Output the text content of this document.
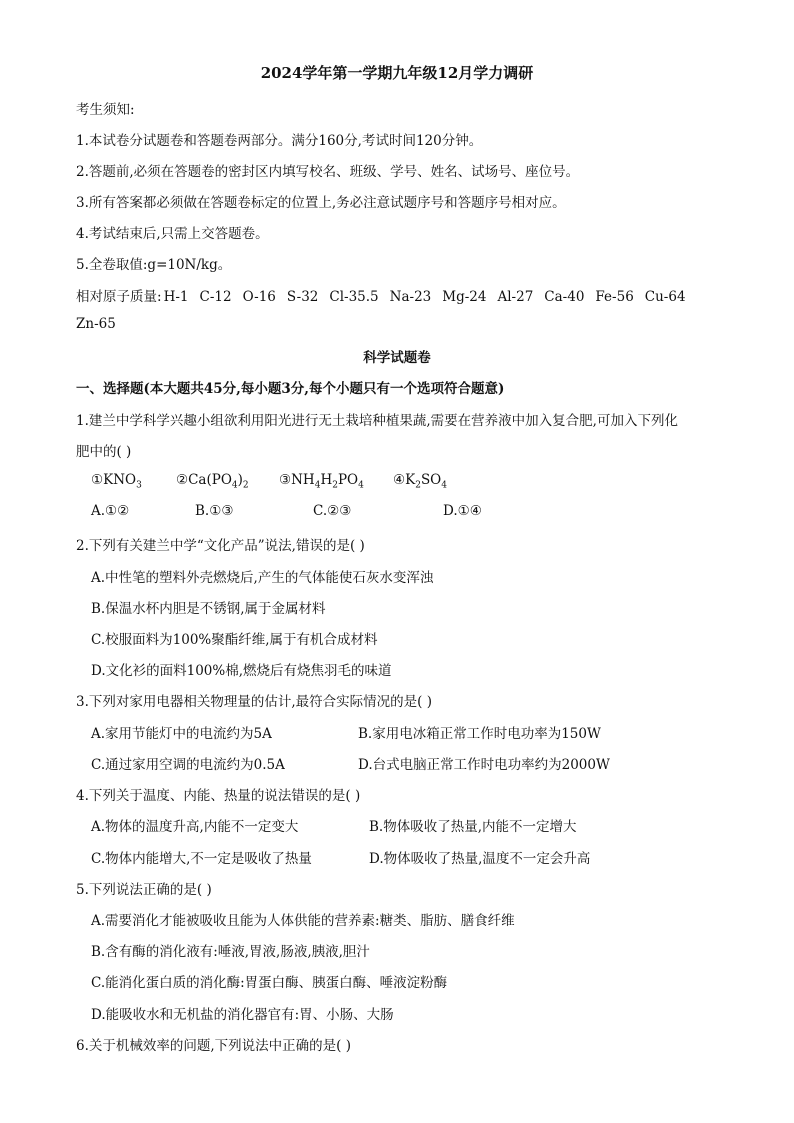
2024学年第一学期九年级12月学力调研
考生须知:
1.本试卷分试题卷和答题卷两部分。满分160分,考试时间120分钟。
2.答题前,必须在答题卷的密封区内填写校名、班级、学号、姓名、试场号、座位号。
3.所有答案都必须做在答题卷标定的位置上,务必注意试题序号和答题序号相对应。
4.考试结束后,只需上交答题卷。
5.全卷取值:g=10N/kg。
相对原子质量: H-1 C-12 O-16 S-32 Cl-35.5 Na-23 Mg-24 Al-27 Ca-40 Fe-56 Cu-64
Zn-65
科学试题卷
一、选择题(本大题共45分,每小题3分,每个小题只有一个选项符合题意)
1.建兰中学科学兴趣小组欲利用阳光进行无土栽培种植果蔬,需要在营养液中加入复合肥,可加入下列化
肥中的( )
$①KNO_3$	$②Ca(PO_4)_2$ $③NH_4H_2PO_4$ $④K_2SO_4$
A.①②	B.①③	C.②③	D.①④
2.下列有关建兰中学“文化产品”说法,错误的是( )
A.中性笔的塑料外壳燃烧后,产生的气体能使石灰水变浑浊
B.保温水杯内胆是不锈钢,属于金属材料
C.校服面料为100%聚酯纤维,属于有机合成材料
D.文化衫的面料100%棉,燃烧后有烧焦羽毛的味道
3.下列对家用电器相关物理量的估计,最符合实际情况的是( )
A.家用节能灯中的电流约为5A	B.家用电冰箱正常工作时电功率为150W
C.通过家用空调的电流约为0.5A	D.台式电脑正常工作时电功率约为2000W
4.下列关于温度、内能、热量的说法错误的是( )
A.物体的温度升高,内能不一定变大	B.物体吸收了热量,内能不一定增大
C.物体内能增大,不一定是吸收了热量	D.物体吸收了热量,温度不一定会升高
5.下列说法正确的是( )
A.需要消化才能被吸收且能为人体供能的营养素:糖类、脂肪、膳食纤维
B.含有酶的消化液有:唾液,胃液,肠液,胰液,胆汁
C.能消化蛋白质的消化酶:胃蛋白酶、胰蛋白酶、唾液淀粉酶
D.能吸收水和无机盐的消化器官有:胃、小肠、大肠
6.关于机械效率的问题,下列说法中正确的是( )
